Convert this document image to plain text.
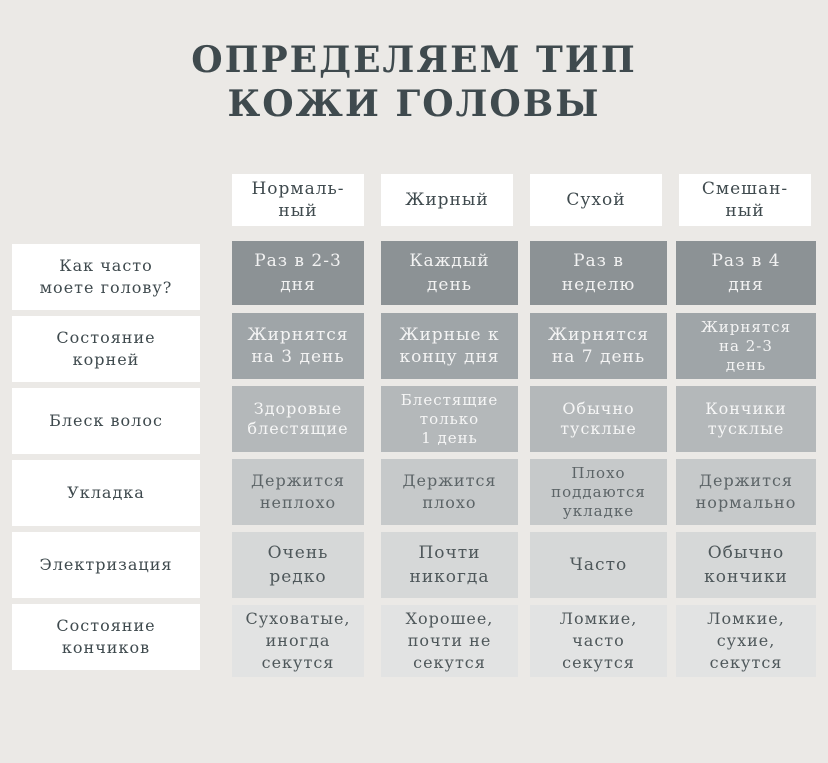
ОПРЕДЕЛЯЕМ ТИП
КОЖИ ГОЛОВЫ
Нормаль-
ный
Жирный	Сухой
Смешан-
ный
Как часто
моете голову?
Раз в 2-3
дня
Каждый
день
Раз в
неделю
Раз в 4
дня
Состояние
корней
Жирнятся
на 3 день
Жирные к
концу дня
Жирнятся
на 7 день
Жирнятся
на 2-3
день
Блеск волос
Здоровые
блестящие
Блестящие
только
1 день
Обычно
тусклые
Кончики
тусклые
Укладка
Держится
неплохо
Держится
плохо
Плохо
поддаются
укладке
Держится
нормально
Электризация
Очень
редко
Почти
никогда
Часто
Обычно
кончики
Состояние
кончиков
Суховатые,
иногда
секутся
Хорошее,
почти не
секутся
Ломкие,
часто
секутся
Ломкие,
сухие,
секутся
